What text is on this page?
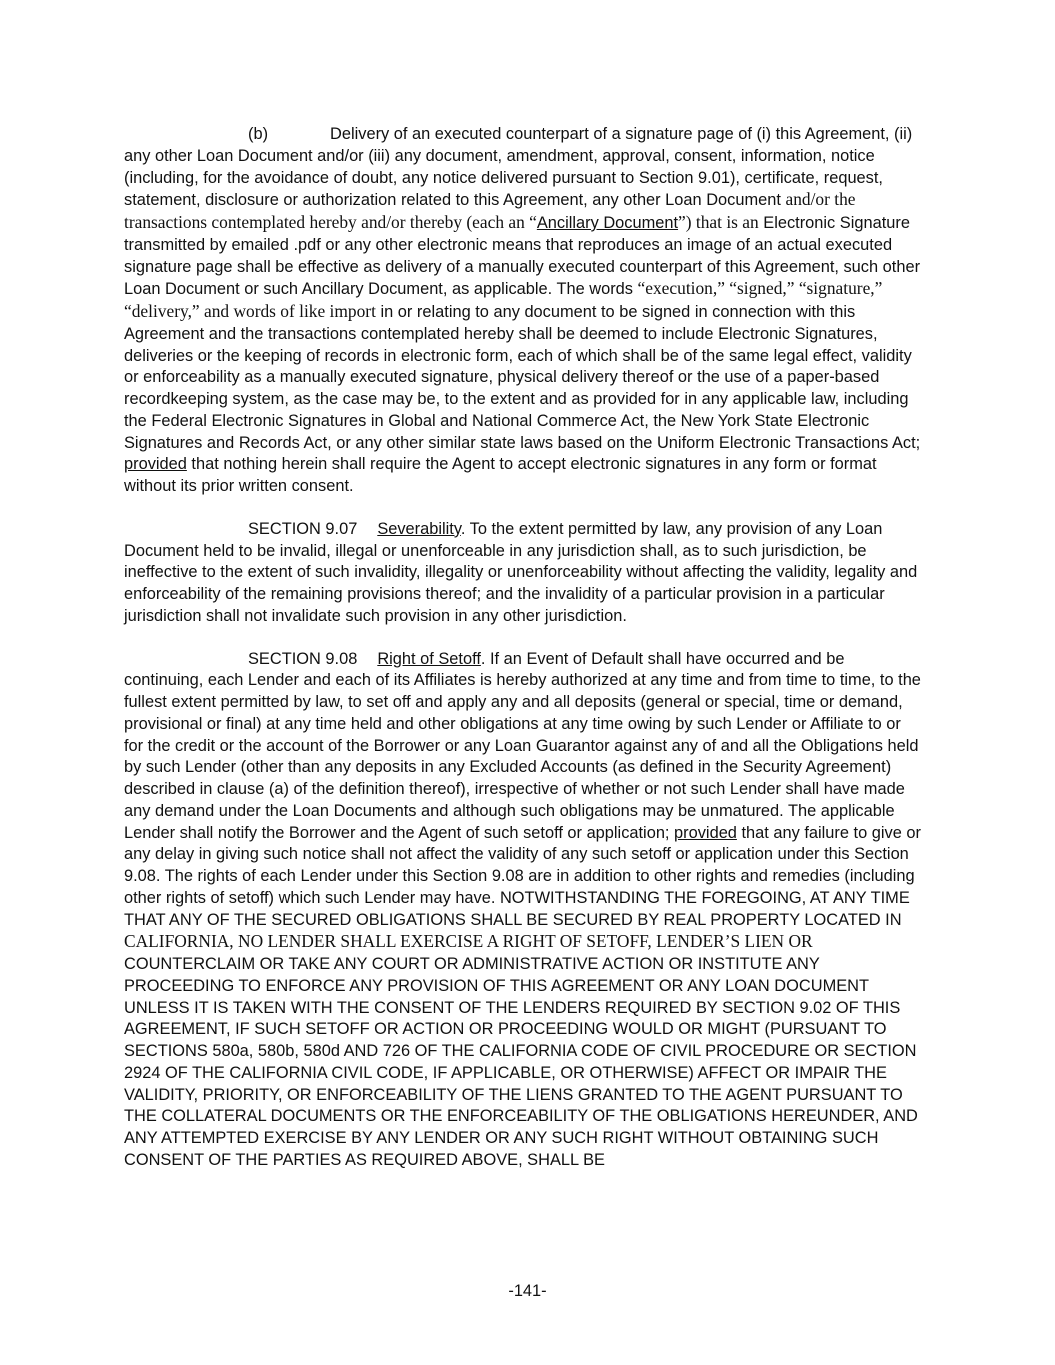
(b)	Delivery of an executed counterpart of a signature page of (i) this Agreement, (ii) any other Loan Document and/or (iii) any document, amendment, approval, consent, information, notice (including, for the avoidance of doubt, any notice delivered pursuant to Section 9.01), certificate, request, statement, disclosure or authorization related to this Agreement, any other Loan Document and/or the transactions contemplated hereby and/or thereby (each an “Ancillary Document”) that is an Electronic Signature transmitted by emailed .pdf or any other electronic means that reproduces an image of an actual executed signature page shall be effective as delivery of a manually executed counterpart of this Agreement, such other Loan Document or such Ancillary Document, as applicable. The words “execution,” “signed,” “signature,” “delivery,” and words of like import in or relating to any document to be signed in connection with this Agreement and the transactions contemplated hereby shall be deemed to include Electronic Signatures, deliveries or the keeping of records in electronic form, each of which shall be of the same legal effect, validity or enforceability as a manually executed signature, physical delivery thereof or the use of a paper-based recordkeeping system, as the case may be, to the extent and as provided for in any applicable law, including the Federal Electronic Signatures in Global and National Commerce Act, the New York State Electronic Signatures and Records Act, or any other similar state laws based on the Uniform Electronic Transactions Act; provided that nothing herein shall require the Agent to accept electronic signatures in any form or format without its prior written consent.

SECTION 9.07 Severability. To the extent permitted by law, any provision of any Loan Document held to be invalid, illegal or unenforceable in any jurisdiction shall, as to such jurisdiction, be ineffective to the extent of such invalidity, illegality or unenforceability without affecting the validity, legality and enforceability of the remaining provisions thereof; and the invalidity of a particular provision in a particular jurisdiction shall not invalidate such provision in any other jurisdiction.

SECTION 9.08 Right of Setoff. If an Event of Default shall have occurred and be continuing, each Lender and each of its Affiliates is hereby authorized at any time and from time to time, to the fullest extent permitted by law, to set off and apply any and all deposits (general or special, time or demand, provisional or final) at any time held and other obligations at any time owing by such Lender or Affiliate to or for the credit or the account of the Borrower or any Loan Guarantor against any of and all the Obligations held by such Lender (other than any deposits in any Excluded Accounts (as defined in the Security Agreement) described in clause (a) of the definition thereof), irrespective of whether or not such Lender shall have made any demand under the Loan Documents and although such obligations may be unmatured. The applicable Lender shall notify the Borrower and the Agent of such setoff or application; provided that any failure to give or any delay in giving such notice shall not affect the validity of any such setoff or application under this Section 9.08. The rights of each Lender under this Section 9.08 are in addition to other rights and remedies (including other rights of setoff) which such Lender may have. NOTWITHSTANDING THE FOREGOING, AT ANY TIME THAT ANY OF THE SECURED OBLIGATIONS SHALL BE SECURED BY REAL PROPERTY LOCATED IN CALIFORNIA, NO LENDER SHALL EXERCISE A RIGHT OF SETOFF, LENDER’S LIEN OR COUNTERCLAIM OR TAKE ANY COURT OR ADMINISTRATIVE ACTION OR INSTITUTE ANY PROCEEDING TO ENFORCE ANY PROVISION OF THIS AGREEMENT OR ANY LOAN DOCUMENT UNLESS IT IS TAKEN WITH THE CONSENT OF THE LENDERS REQUIRED BY SECTION 9.02 OF THIS AGREEMENT, IF SUCH SETOFF OR ACTION OR PROCEEDING WOULD OR MIGHT (PURSUANT TO SECTIONS 580a, 580b, 580d AND 726 OF THE CALIFORNIA CODE OF CIVIL PROCEDURE OR SECTION 2924 OF THE CALIFORNIA CIVIL CODE, IF APPLICABLE, OR OTHERWISE) AFFECT OR IMPAIR THE VALIDITY, PRIORITY, OR ENFORCEABILITY OF THE LIENS GRANTED TO THE AGENT PURSUANT TO THE COLLATERAL DOCUMENTS OR THE ENFORCEABILITY OF THE OBLIGATIONS HEREUNDER, AND ANY ATTEMPTED EXERCISE BY ANY LENDER OR ANY SUCH RIGHT WITHOUT OBTAINING SUCH CONSENT OF THE PARTIES AS REQUIRED ABOVE, SHALL BE

-141-
